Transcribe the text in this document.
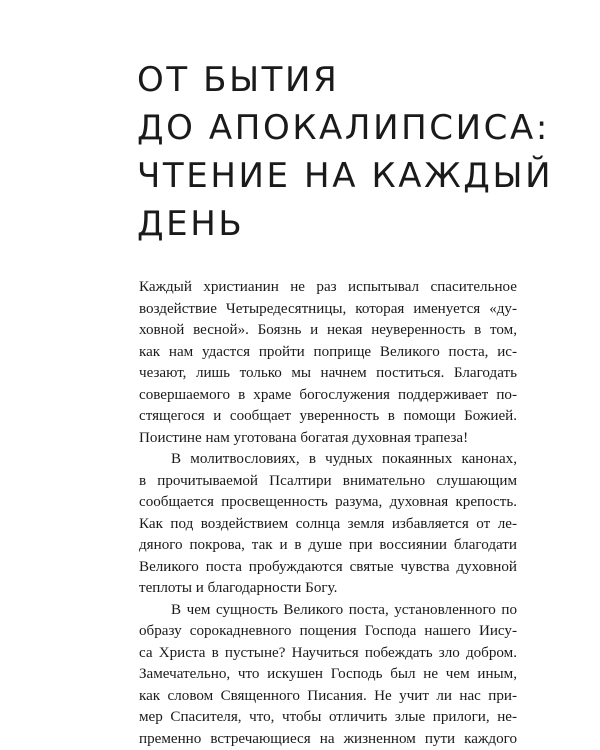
ОТ БЫТИЯ
ДО АПОКАЛИПСИСА:
ЧТЕНИЕ НА КАЖДЫЙ
ДЕНЬ

Каждый христианин не раз испытывал спасительное
воздействие Четыредесятницы, которая именуется «ду-
ховной весной». Боязнь и некая неуверенность в том,
как нам удастся пройти поприще Великого поста, ис-
чезают, лишь только мы начнем поститься. Благодать
совершаемого в храме богослужения поддерживает по-
стящегося и сообщает уверенность в помощи Божией.
Поистине нам уготована богатая духовная трапеза!

В молитвословиях, в чудных покаянных канонах,
в прочитываемой Псалтири внимательно слушающим
сообщается просвещенность разума, духовная крепость.
Как под воздействием солнца земля избавляется от ле-
дяного покрова, так и в душе при воссиянии благодати
Великого поста пробуждаются святые чувства духовной
теплоты и благодарности Богу.

В чем сущность Великого поста, установленного по
образу сорокадневного пощения Господа нашего Иису-
са Христа в пустыне? Научиться побеждать зло добром.
Замечательно, что искушен Господь был не чем иным,
как словом Священного Писания. Не учит ли нас при-
мер Спасителя, что, чтобы отличить злые прилоги, не-
пременно встречающиеся на жизненном пути каждого
